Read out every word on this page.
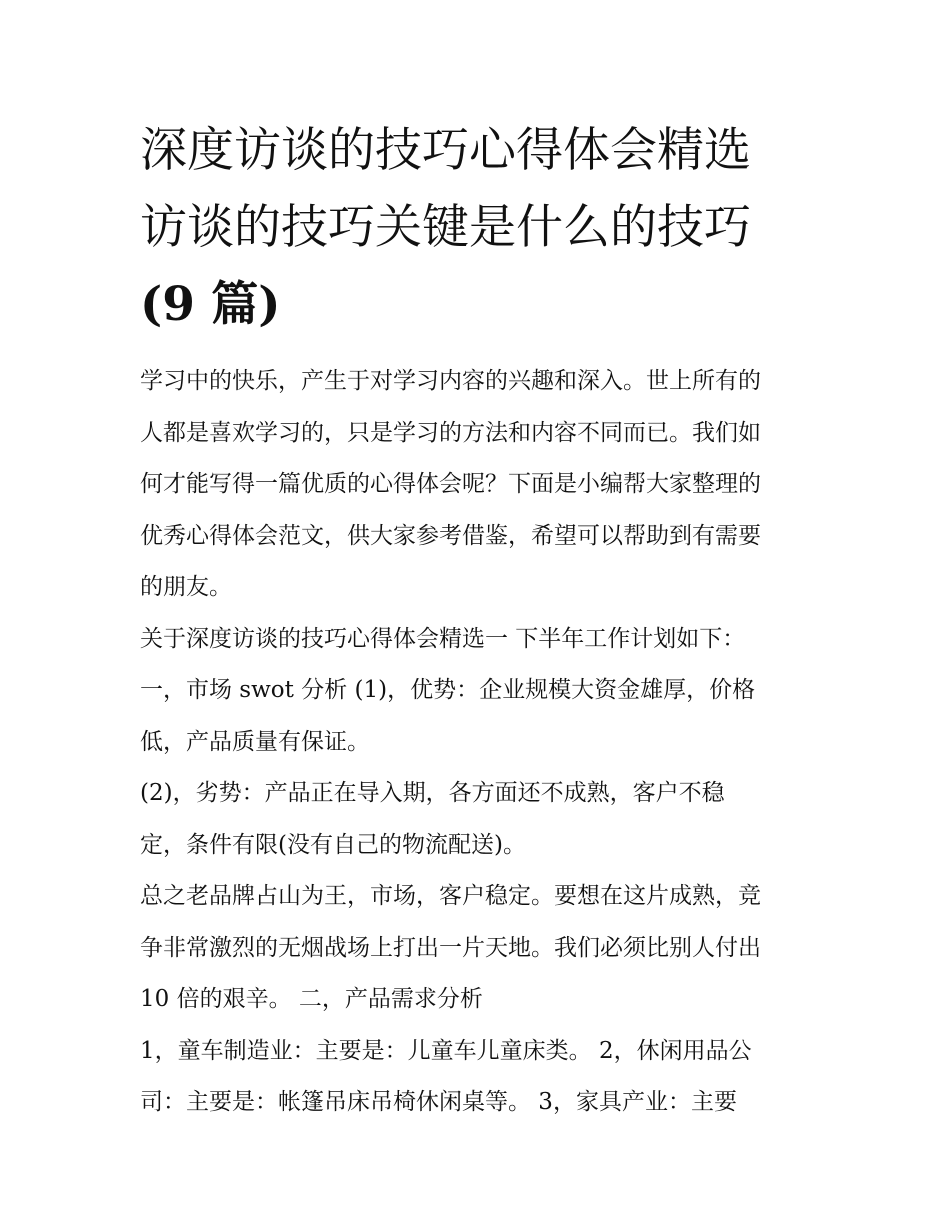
深度访谈的技巧心得体会精选
访谈的技巧关键是什么的技巧
(9 篇)
学习中的快乐，产生于对学习内容的兴趣和深入。世上所有的
人都是喜欢学习的，只是学习的方法和内容不同而已。我们如
何才能写得一篇优质的心得体会呢？下面是小编帮大家整理的
优秀心得体会范文，供大家参考借鉴，希望可以帮助到有需要
的朋友。
关于深度访谈的技巧心得体会精选一 下半年工作计划如下：
一，市场 swot 分析 (1)，优势：企业规模大资金雄厚，价格
低，产品质量有保证。
(2)，劣势：产品正在导入期，各方面还不成熟，客户不稳
定，条件有限(没有自己的物流配送)。
总之老品牌占山为王，市场，客户稳定。要想在这片成熟，竞
争非常激烈的无烟战场上打出一片天地。我们必须比别人付出
10 倍的艰辛。 二，产品需求分析
1，童车制造业：主要是：儿童车儿童床类。 2，休闲用品公
司：主要是：帐篷吊床吊椅休闲桌等。 3，家具产业：主要
